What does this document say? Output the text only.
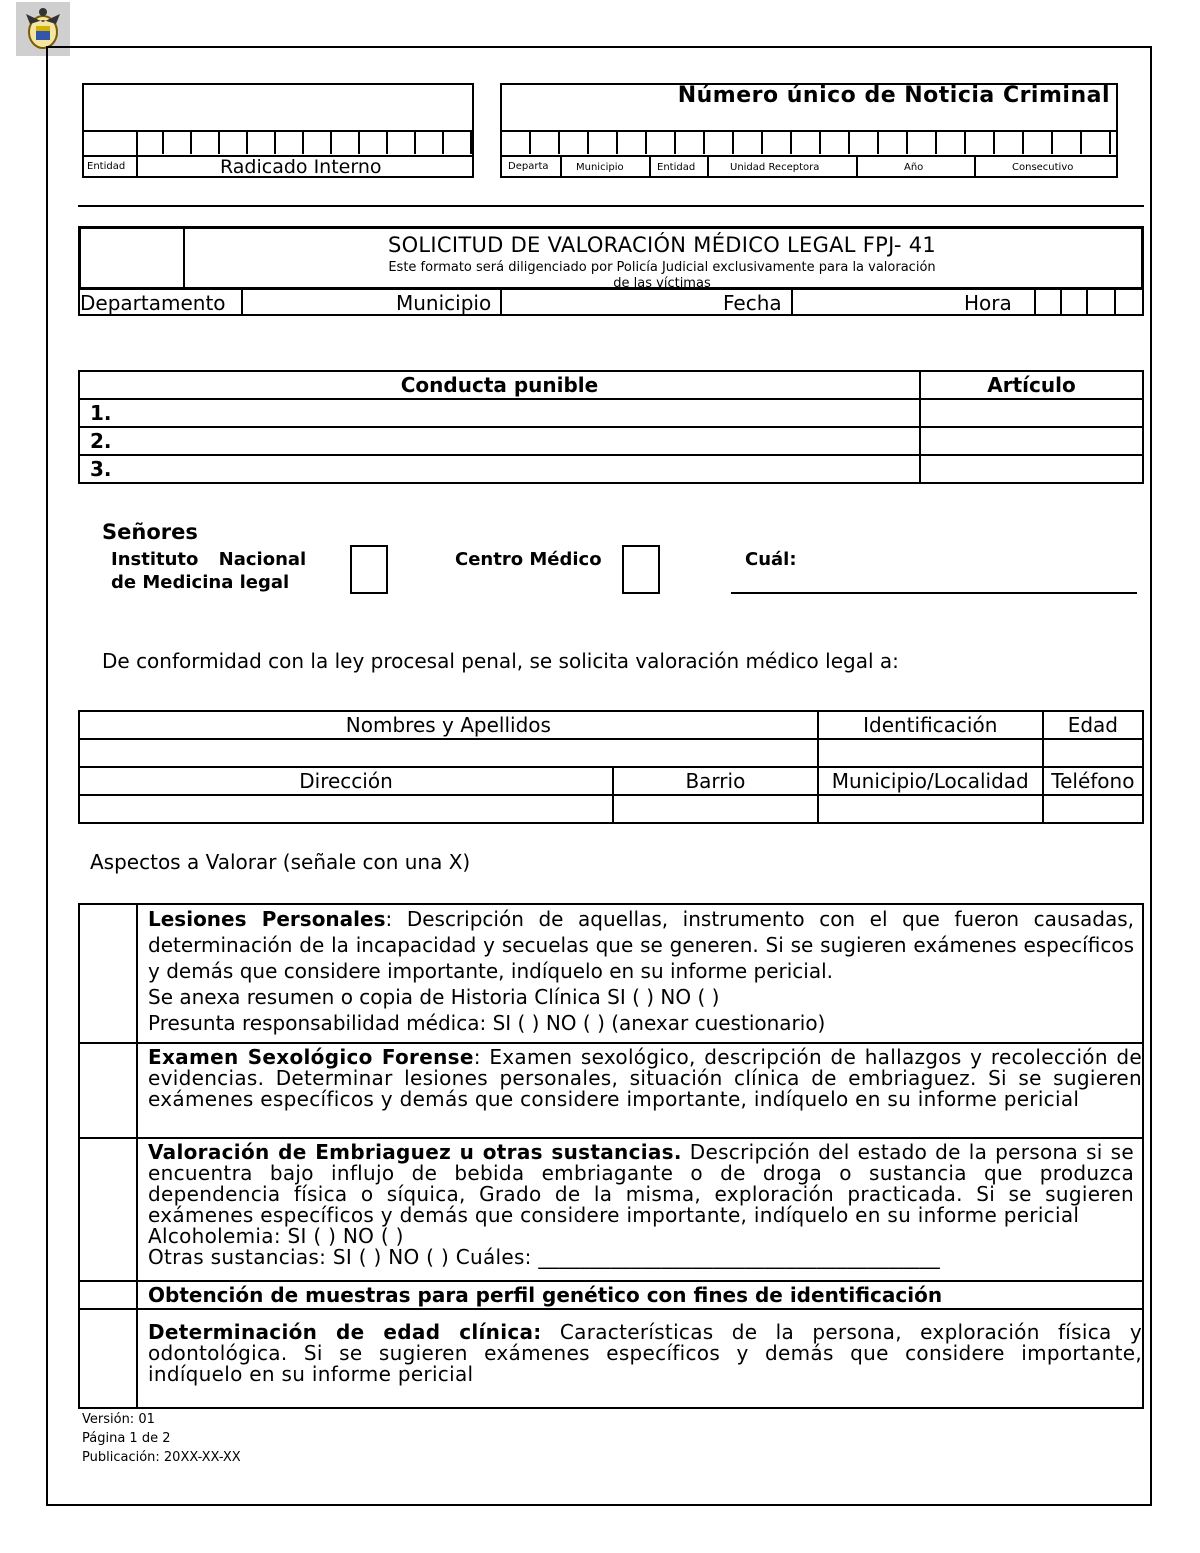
Entidad	Radicado Interno
Número único de Noticia Criminal
Departa	Municipio	Entidad	Unidad Receptora	Año	Consecutivo
SOLICITUD DE VALORACIÓN MÉDICO LEGAL FPJ- 41
Este formato será diligenciado por Policía Judicial exclusivamente para la valoración
de las víctimas
Departamento	Municipio	Fecha	Hora
Conducta punible	Artículo
1.	
2.	
3.	
Señores
Instituto Nacional
de Medicina legal
Centro Médico	Cuál:
De conformidad con la ley procesal penal, se solicita valoración médico legal a:
Nombres y Apellidos		Identificación	Edad

Dirección	Barrio	Municipio/Localidad	Teléfono

Aspectos a Valorar (señale con una X)

	Lesiones Personales: Descripción de aquellas, instrumento con el que fueron causadas, determinación de la incapacidad y secuelas que se generen. Si se sugieren exámenes específicos y demás que considere importante, indíquelo en su informe pericial.
Se anexa resumen o copia de Historia Clínica SI ( ) NO ( )
Presunta responsabilidad médica: SI ( ) NO ( ) (anexar cuestionario)

	Examen Sexológico Forense: Examen sexológico, descripción de hallazgos y recolección de evidencias. Determinar lesiones personales, situación clínica de embriaguez. Si se sugieren exámenes específicos y demás que considere importante, indíquelo en su informe pericial

	Valoración de Embriaguez u otras sustancias. Descripción del estado de la persona si se encuentra bajo influjo de bebida embriagante o de droga o sustancia que produzca dependencia física o síquica, Grado de la misma, exploración practicada. Si se sugieren exámenes específicos y demás que considere importante, indíquelo en su informe pericial
Alcoholemia: SI ( ) NO ( )
Otras sustancias: SI ( ) NO ( ) Cuáles: _______________________________________

	Obtención de muestras para perfil genético con fines de identificación

	Determinación de edad clínica: Características de la persona, exploración física y odontológica. Si se sugieren exámenes específicos y demás que considere importante, indíquelo en su informe pericial
Versión: 01
Página 1 de 2
Publicación: 20XX-XX-XX
